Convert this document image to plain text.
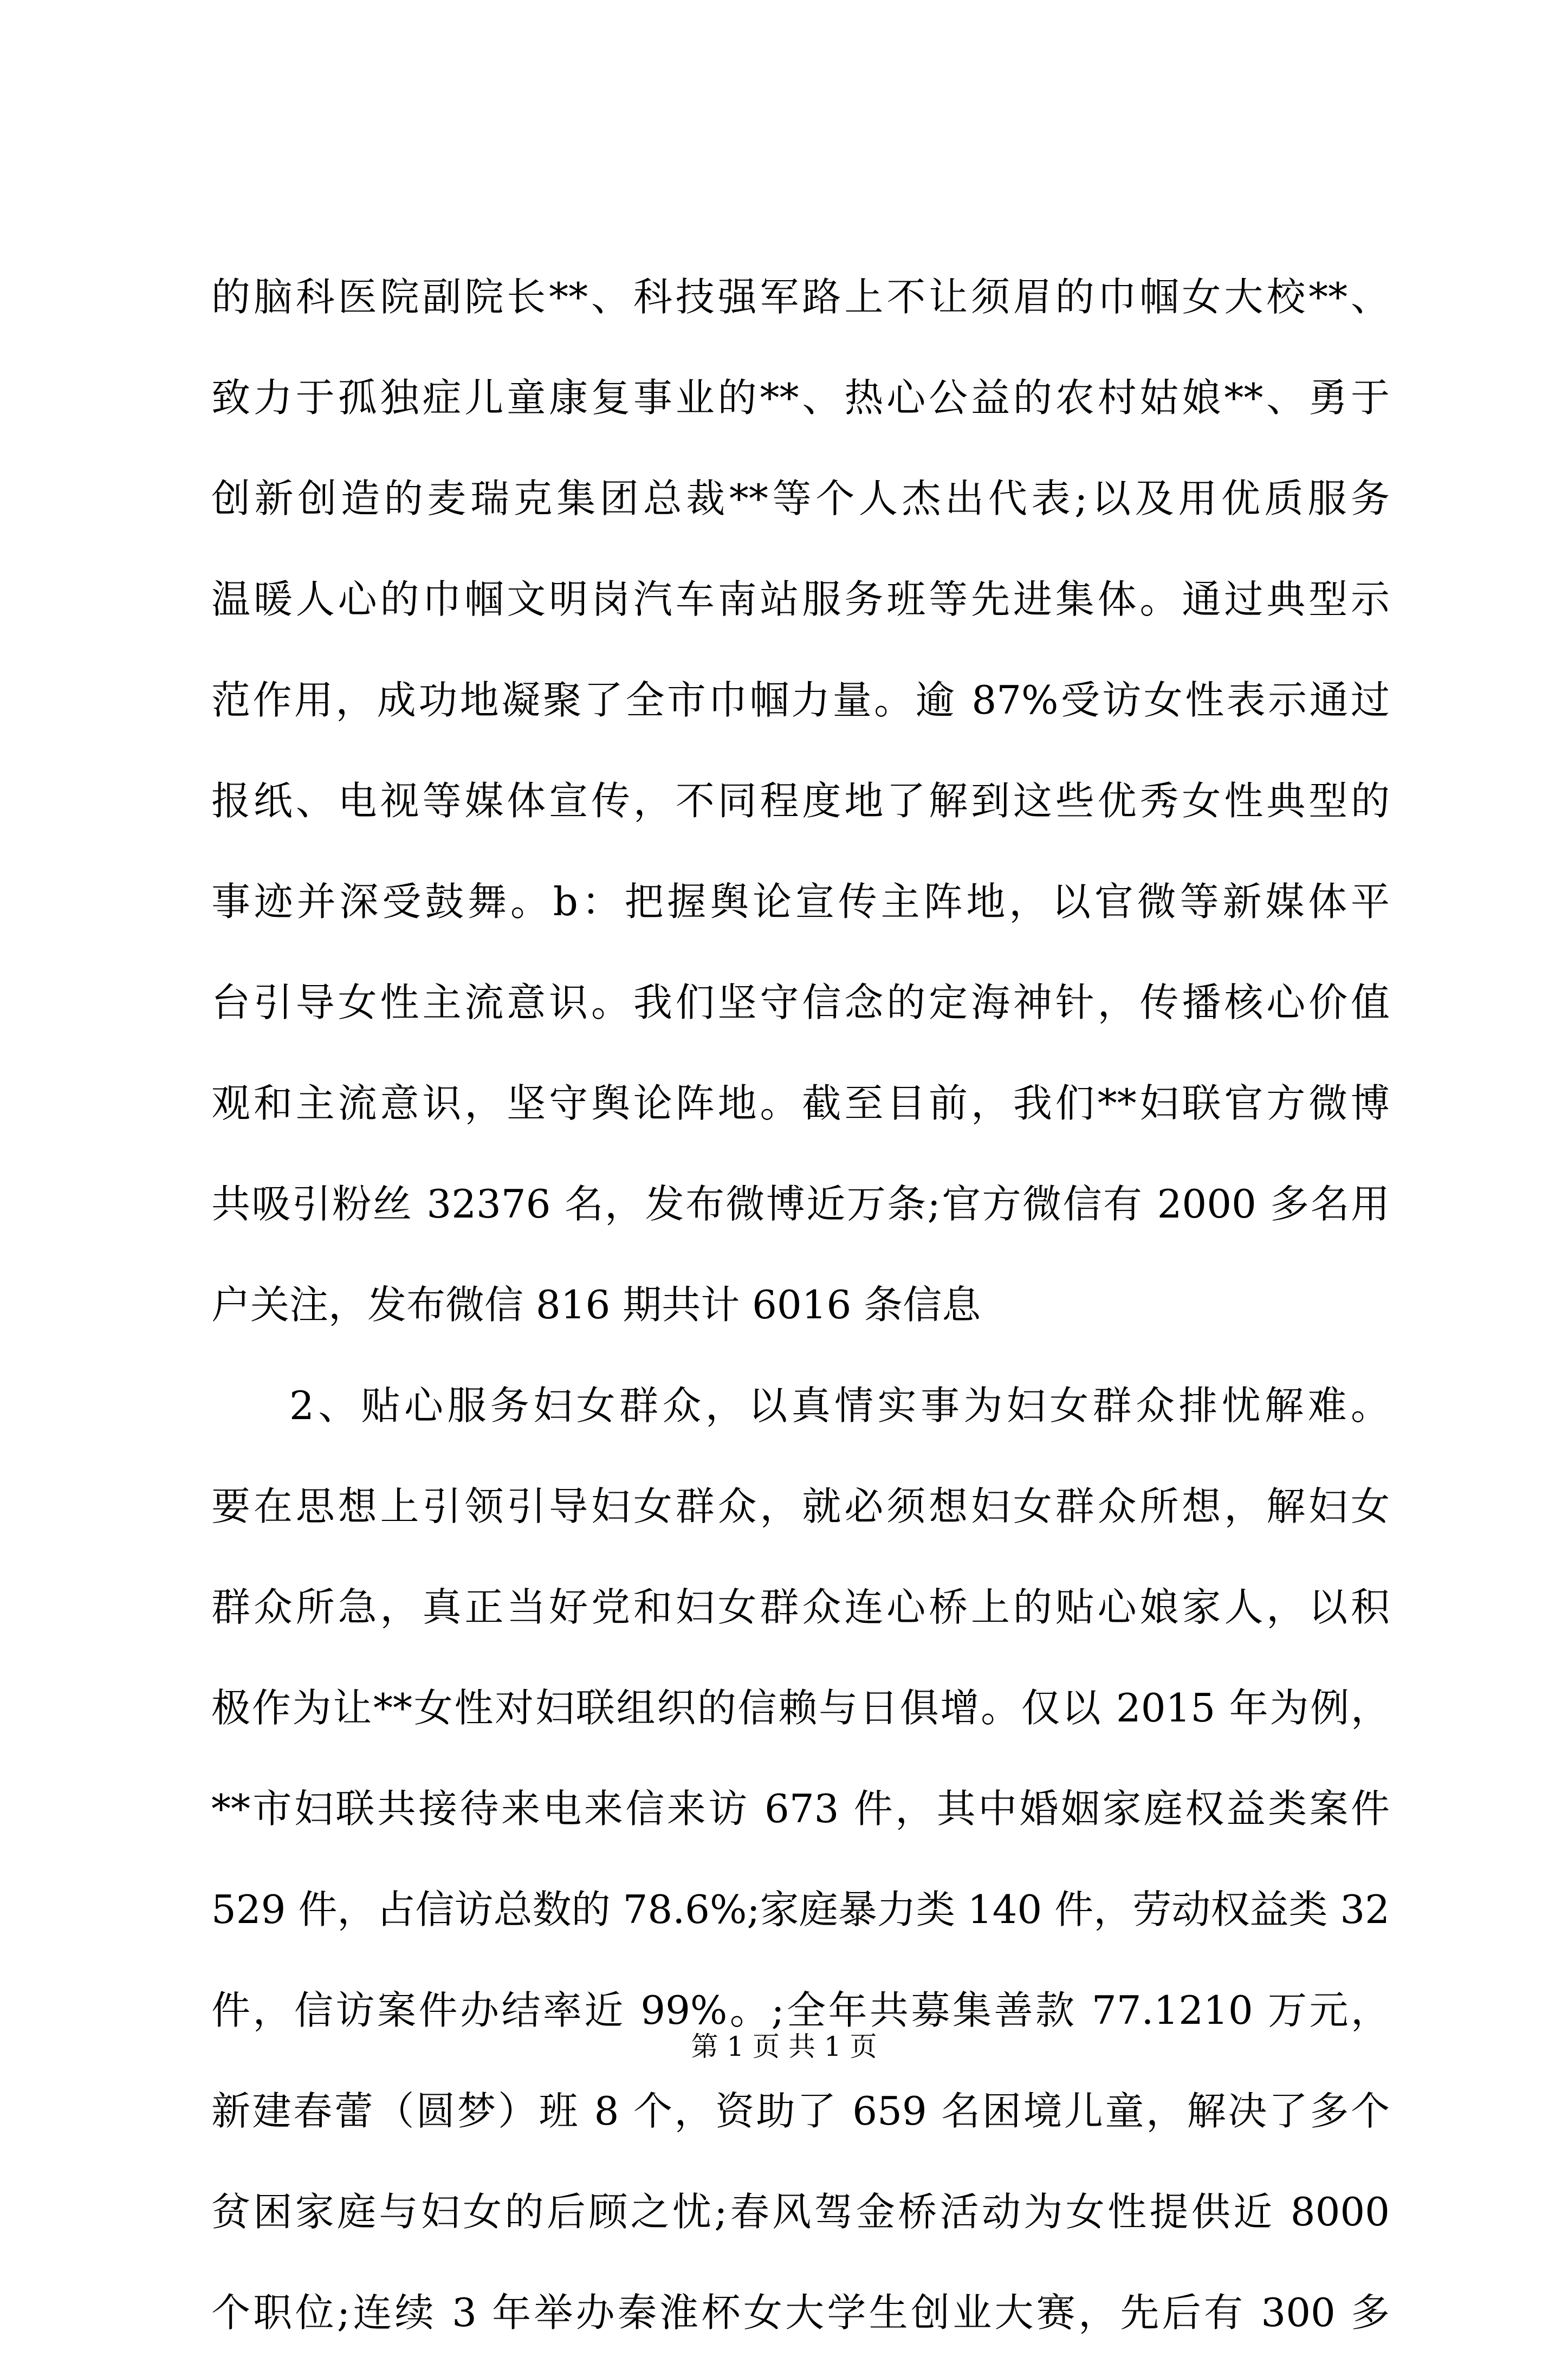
的脑科医院副院长**、科技强军路上不让须眉的巾帼女大校**、
致力于孤独症儿童康复事业的**、热心公益的农村姑娘**、勇于
创新创造的麦瑞克集团总裁**等个人杰出代表;以及用优质服务
温暖人心的巾帼文明岗汽车南站服务班等先进集体。通过典型示
范作用，成功地凝聚了全市巾帼力量。逾 87%受访女性表示通过
报纸、电视等媒体宣传，不同程度地了解到这些优秀女性典型的
事迹并深受鼓舞。b：把握舆论宣传主阵地，以官微等新媒体平
台引导女性主流意识。我们坚守信念的定海神针，传播核心价值
观和主流意识，坚守舆论阵地。截至目前，我们**妇联官方微博
共吸引粉丝 32376 名，发布微博近万条;官方微信有 2000 多名用
户关注，发布微信 816 期共计 6016 条信息
2、贴心服务妇女群众，以真情实事为妇女群众排忧解难。
要在思想上引领引导妇女群众，就必须想妇女群众所想，解妇女
群众所急，真正当好党和妇女群众连心桥上的贴心娘家人，以积
极作为让**女性对妇联组织的信赖与日俱增。仅以 2015 年为例，
**市妇联共接待来电来信来访 673 件，其中婚姻家庭权益类案件
529 件，占信访总数的 78.6%;家庭暴力类 140 件，劳动权益类 32
件，信访案件办结率近 99%。;全年共募集善款 77.1210 万元，
新建春蕾（圆梦）班 8 个，资助了 659 名困境儿童，解决了多个
贫困家庭与妇女的后顾之忧;春风驾金桥活动为女性提供近 8000
个职位;连续 3 年举办秦淮杯女大学生创业大赛，先后有 300 多
第 1 页 共 1 页
